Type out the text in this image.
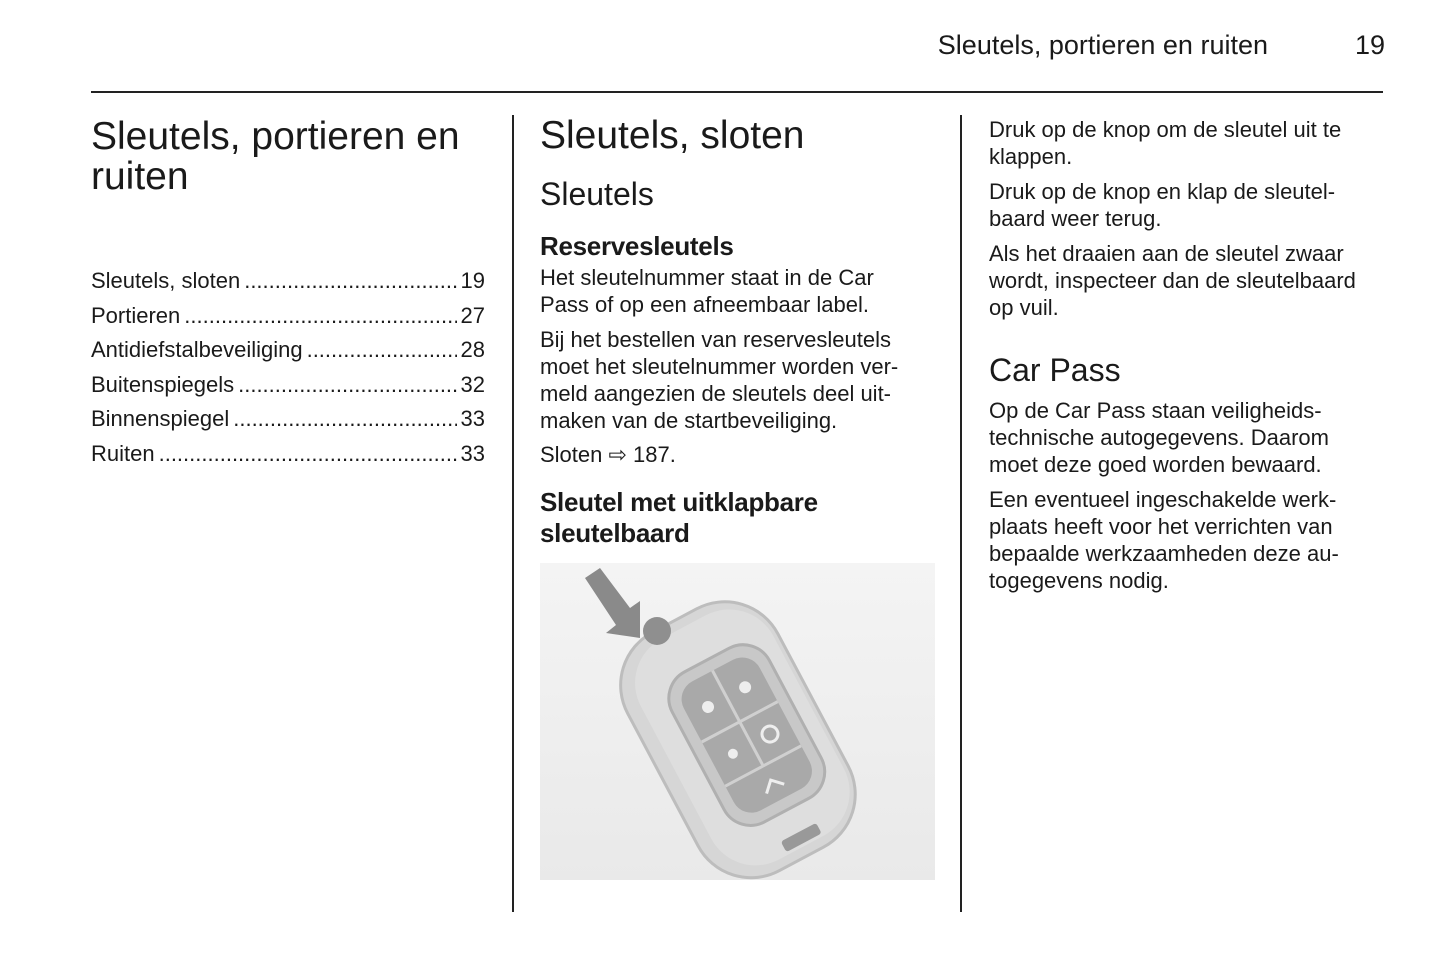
Sleutels, portieren en ruiten	19
Sleutels, portieren en
ruiten
Sleutels, sloten .....	19
Portieren .....	27
Antidiefstalbeveiliging .....	28
Buitenspiegels .....	32
Binnenspiegel .....	33
Ruiten .....	33
Sleutels, sloten
Sleutels
Reservesleutels
Het sleutelnummer staat in de Car
Pass of op een afneembaar label.
Bij het bestellen van reservesleutels
moet het sleutelnummer worden ver-
meld aangezien de sleutels deel uit-
maken van de startbeveiliging.
Sloten ⇨ 187.
Sleutel met uitklapbare
sleutelbaard
Druk op de knop om de sleutel uit te
klappen.
Druk op de knop en klap de sleutel-
baard weer terug.
Als het draaien aan de sleutel zwaar
wordt, inspecteer dan de sleutelbaard
op vuil.
Car Pass
Op de Car Pass staan veiligheids-
technische autogegevens. Daarom
moet deze goed worden bewaard.
Een eventueel ingeschakelde werk-
plaats heeft voor het verrichten van
bepaalde werkzaamheden deze au-
togegevens nodig.
